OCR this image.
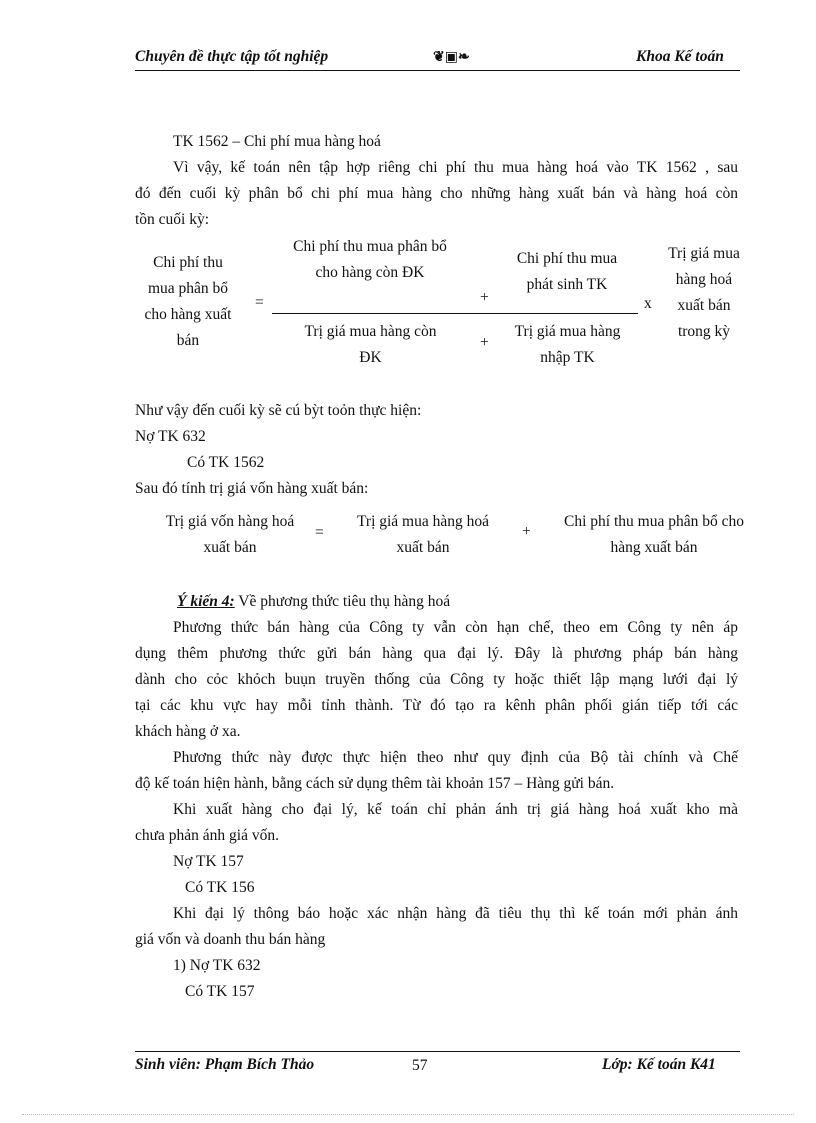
Chuyên đề thực tập tốt nghiệp	❦▣❧	Khoa Kế toán
TK 1562 – Chi phí mua hàng hoá
Vì vậy, kế toán nên tập hợp riêng chi phí thu mua hàng hoá vào TK 1562 , sau
đó đến cuối kỳ phân bổ chi phí mua hàng cho những hàng xuất bán và hàng hoá còn
tồn cuối kỳ:
Chi phí thu mua phân bổ cho hàng xuất bán
=
Chi phí thu mua phân bổ cho hàng còn ĐK
+
Chi phí thu mua phát sinh TK
x
Trị giá mua hàng còn ĐK
+
Trị giá mua hàng nhập TK
Trị giá mua hàng hoá xuất bán trong kỳ
Như vậy đến cuối kỳ sẽ cú bỳt toỏn thực hiện:
Nợ TK 632
Có TK 1562
Sau đó tính trị giá vốn hàng xuất bán:
Trị giá vốn hàng hoá xuất bán
=
Trị giá mua hàng hoá xuất bán
+
Chi phí thu mua phân bổ cho hàng xuất bán
Ý kiến 4: Về phương thức tiêu thụ hàng hoá
Phương thức bán hàng của Công ty vẫn còn hạn chế, theo em Công ty nên áp
dụng thêm phương thức gửi bán hàng qua đại lý. Đây là phương pháp bán hàng
dành cho cỏc khỏch buụn truyền thống của Công ty hoặc thiết lập mạng lưới đại lý
tại các khu vực hay mỗi tỉnh thành. Từ đó tạo ra kênh phân phối gián tiếp tới các
khách hàng ở xa.
Phương thức này được thực hiện theo như quy định của Bộ tài chính và Chế
độ kế toán hiện hành, bằng cách sử dụng thêm tài khoản 157 – Hàng gửi bán.
Khi xuất hàng cho đại lý, kế toán chỉ phản ánh trị giá hàng hoá xuất kho mà
chưa phản ánh giá vốn.
Nợ TK 157
Có TK 156
Khi đại lý thông báo hoặc xác nhận hàng đã tiêu thụ thì kế toán mới phản ánh
giá vốn và doanh thu bán hàng
1) Nợ TK 632
Có TK 157
Sinh viên: Phạm Bích Thảo	57	Lớp: Kế toán K41
